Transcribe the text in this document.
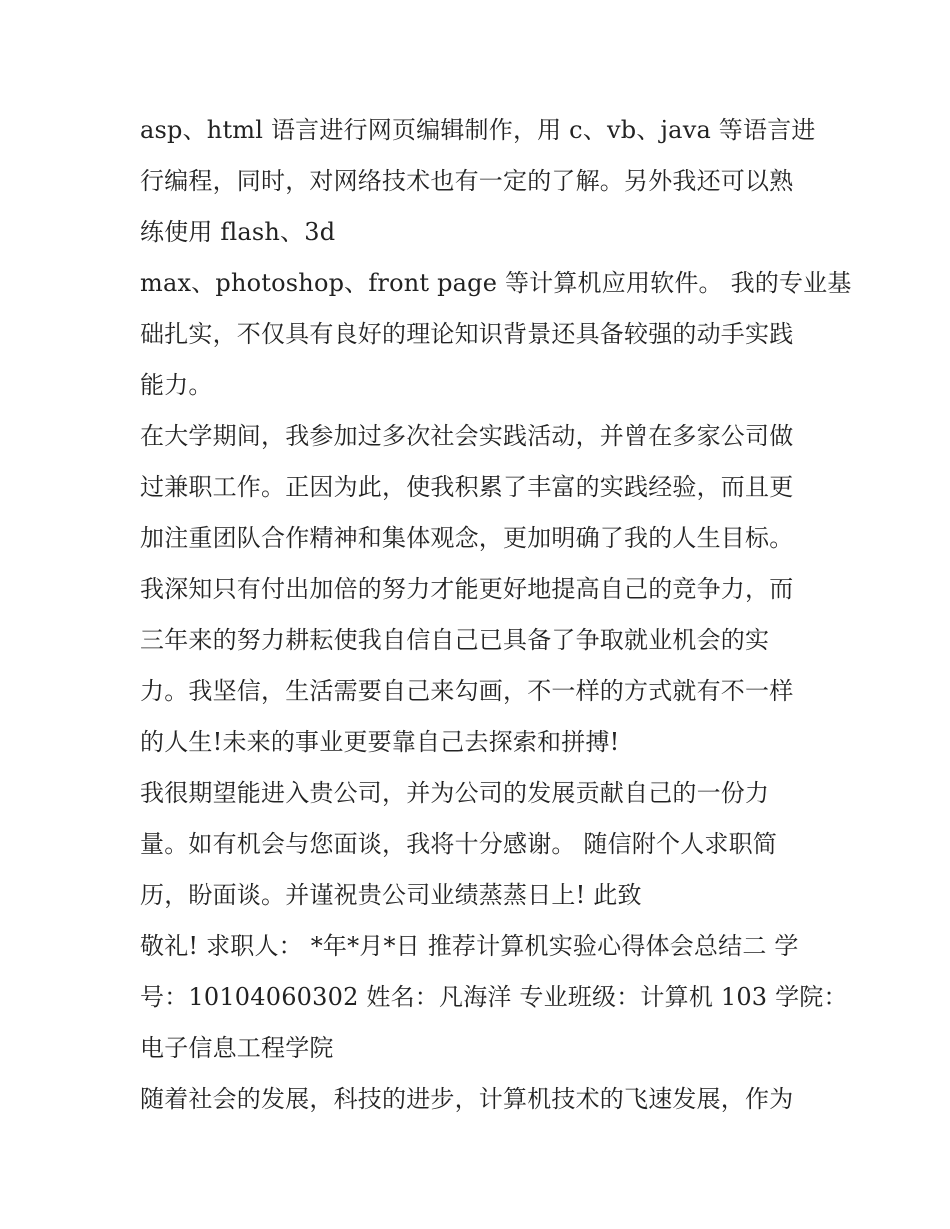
asp、html 语言进行网页编辑制作，用 c、vb、java 等语言进
行编程，同时，对网络技术也有一定的了解。另外我还可以熟
练使用 flash、3d
max、photoshop、front page 等计算机应用软件。 我的专业基
础扎实，不仅具有良好的理论知识背景还具备较强的动手实践
能力。
在大学期间，我参加过多次社会实践活动，并曾在多家公司做
过兼职工作。正因为此，使我积累了丰富的实践经验，而且更
加注重团队合作精神和集体观念，更加明确了我的人生目标。
我深知只有付出加倍的努力才能更好地提高自己的竞争力，而
三年来的努力耕耘使我自信自己已具备了争取就业机会的实
力。我坚信，生活需要自己来勾画，不一样的方式就有不一样
的人生!未来的事业更要靠自己去探索和拼搏!
我很期望能进入贵公司，并为公司的发展贡献自己的一份力
量。如有机会与您面谈，我将十分感谢。 随信附个人求职简
历，盼面谈。并谨祝贵公司业绩蒸蒸日上! 此致
敬礼! 求职人： *年*月*日 推荐计算机实验心得体会总结二 学
号：10104060302 姓名：凡海洋 专业班级：计算机 103 学院：
电子信息工程学院
随着社会的发展，科技的进步，计算机技术的飞速发展，作为
